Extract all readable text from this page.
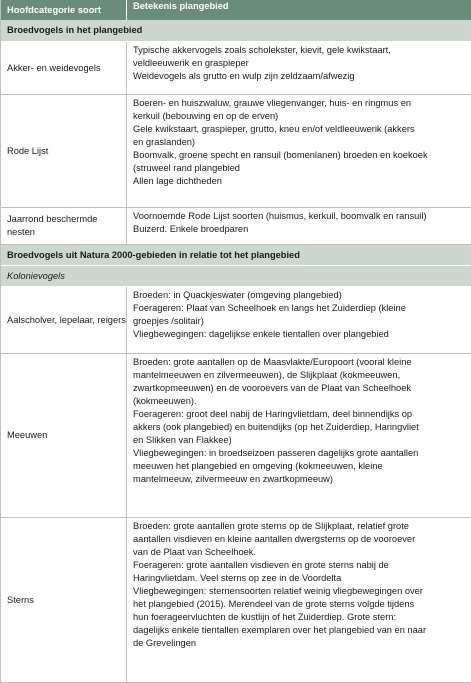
Hoofdcategorie soort	Betekenis plangebied
Broedvogels in het plangebied
Akker- en weidevogels

Typische akkervogels zoals scholekster, kievit, gele kwikstaart,

veldleeuwerik en graspieper

Weidevogels als grutto en wulp zijn zeldzaam/afwezig

Rode Lijst

Boeren- en huiszwaluw, grauwe vliegenvanger, huis- en ringmus en

kerkuil (bebouwing en op de erven)

Gele kwikstaart, graspieper, grutto, kneu en/of veldleeuwerik (akkers

en graslanden)

Boomvalk, groene specht en ransuil (bomenlanen) broeden en koekoek

(struweel rand plangebied

Allen lage dichtheden

Jaarrond beschermde nesten

Voornoemde Rode Lijst soorten (huismus, kerkuil, boomvalk en ransuil)

Buizerd. Enkele broedparen

Broedvogels uit Natura 2000-gebieden in relatie tot het plangebied
Kolonievogels
Aalscholver, lepelaar, reigers

Broeden: in Quackjeswater (omgeving plangebied)

Foerageren: Plaat van Scheelhoek en langs het Zuiderdiep (kleine

groepjes /solitair)

Vliegbewegingen: dagelijkse enkele tientallen over plangebied

Meeuwen

Broeden: grote aantallen op de Maasvlakte/Europoort (vooral kleine

mantelmeeuwen en zilvermeeuwen), de Slijkplaat (kokmeeuwen,

zwartkopmeeuwen) en de vooroevers van de Plaat van Scheelhoek

(kokmeeuwen).

Foerageren: groot deel nabij de Haringvlietdam, deel binnendijks op

akkers (ook plangebied) en buitendijks (op het Zuiderdiep, Haringvliet

en Slikken van Flakkee)

Vliegbewegingen: in broedseizoen passeren dagelijks grote aantallen

meeuwen het plangebied en omgeving (kokmeeuwen, kleine

mantelmeeuw, zilvermeeuw en zwartkopmeeuw)

Sterns

Broeden: grote aantallen grote sterns op de Slijkplaat, relatief grote

aantallen visdieven en kleine aantallen dwergsterns op de vooroever

van de Plaat van Scheelhoek.

Foerageren: grote aantallen visdieven en grote sterns nabij de

Haringvlietdam. Veel sterns op zee in de Voordelta

Vliegbewegingen: sternensoorten relatief weinig vliegbewegingen over

het plangebied (2015). Merendeel van de grote sterns volgde tijdens

hun foerageervluchten de kustlijn of het Zuiderdiep. Grote stern:

dagelijks enkele tientallen exemplaren over het plangebied van en naar

de Grevelingen
